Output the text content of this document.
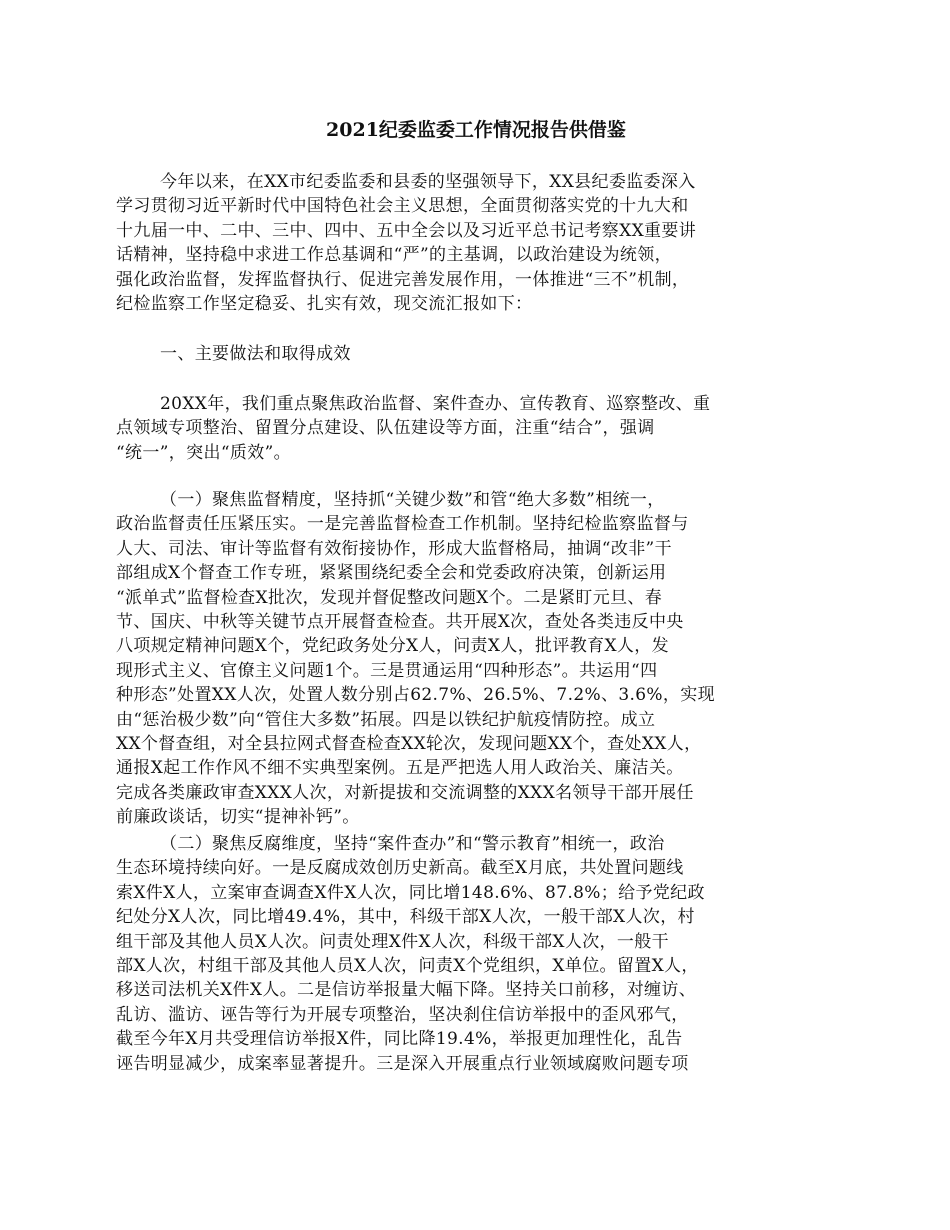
2021纪委监委工作情况报告供借鉴

今年以来，在XX市纪委监委和县委的坚强领导下，XX县纪委监委深入
学习贯彻习近平新时代中国特色社会主义思想，全面贯彻落实党的十九大和
十九届一中、二中、三中、四中、五中全会以及习近平总书记考察XX重要讲
话精神，坚持稳中求进工作总基调和“严”的主基调，以政治建设为统领，
强化政治监督，发挥监督执行、促进完善发展作用，一体推进“三不”机制，
纪检监察工作坚定稳妥、扎实有效，现交流汇报如下：

一、主要做法和取得成效

20XX年，我们重点聚焦政治监督、案件查办、宣传教育、巡察整改、重
点领域专项整治、留置分点建设、队伍建设等方面，注重“结合”，强调
“统一”，突出“质效”。

（一）聚焦监督精度，坚持抓“关键少数”和管“绝大多数”相统一，
政治监督责任压紧压实。一是完善监督检查工作机制。坚持纪检监察监督与
人大、司法、审计等监督有效衔接协作，形成大监督格局，抽调“改非”干
部组成X个督查工作专班，紧紧围绕纪委全会和党委政府决策，创新运用
“派单式”监督检查X批次，发现并督促整改问题X个。二是紧盯元旦、春
节、国庆、中秋等关键节点开展督查检查。共开展X次，查处各类违反中央
八项规定精神问题X个，党纪政务处分X人，问责X人，批评教育X人，发
现形式主义、官僚主义问题1个。三是贯通运用“四种形态”。共运用“四
种形态”处置XX人次，处置人数分别占62.7%、26.5%、7.2%、3.6%，实现
由“惩治极少数”向“管住大多数”拓展。四是以铁纪护航疫情防控。成立
XX个督查组，对全县拉网式督查检查XX轮次，发现问题XX个，查处XX人，
通报X起工作作风不细不实典型案例。五是严把选人用人政治关、廉洁关。
完成各类廉政审查XXX人次，对新提拔和交流调整的XXX名领导干部开展任
前廉政谈话，切实“提神补钙”。

（二）聚焦反腐维度，坚持“案件查办”和“警示教育”相统一，政治
生态环境持续向好。一是反腐成效创历史新高。截至X月底，共处置问题线
索X件X人，立案审查调查X件X人次，同比增148.6%、87.8%；给予党纪政
纪处分X人次，同比增49.4%，其中，科级干部X人次，一般干部X人次，村
组干部及其他人员X人次。问责处理X件X人次，科级干部X人次，一般干
部X人次，村组干部及其他人员X人次，问责X个党组织，X单位。留置X人，
移送司法机关X件X人。二是信访举报量大幅下降。坚持关口前移，对缠访、
乱访、滥访、诬告等行为开展专项整治，坚决刹住信访举报中的歪风邪气，
截至今年X月共受理信访举报X件，同比降19.4%，举报更加理性化，乱告
诬告明显减少，成案率显著提升。三是深入开展重点行业领域腐败问题专项
